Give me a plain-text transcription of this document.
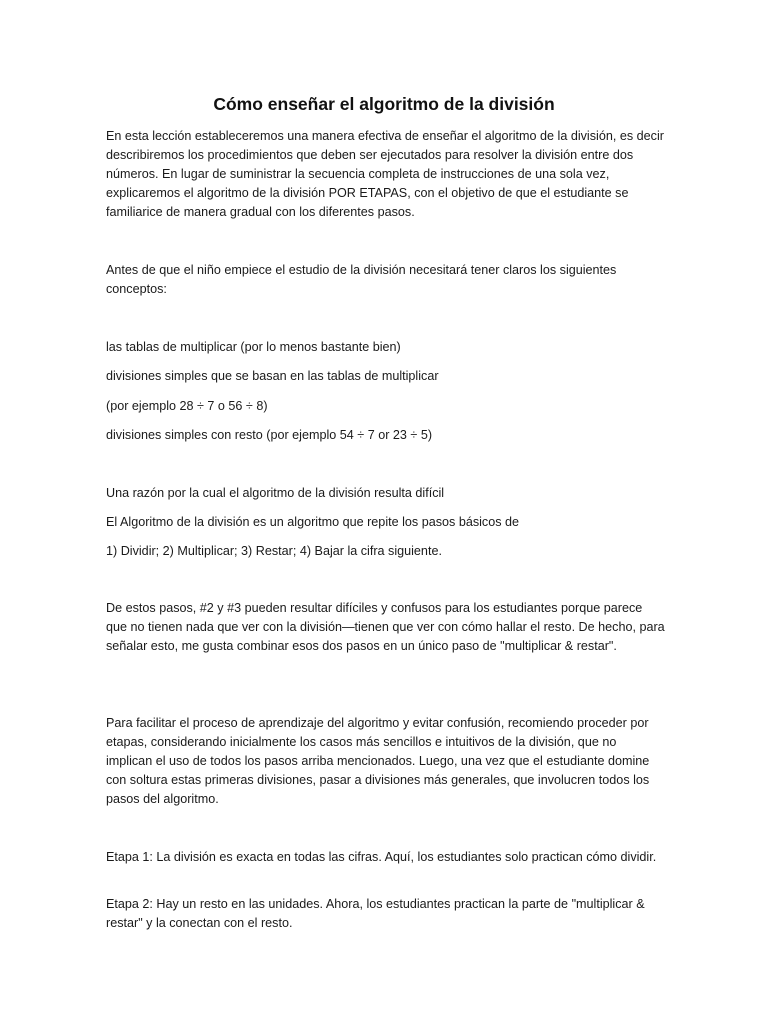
Cómo enseñar el algoritmo de la división

En esta lección estableceremos una manera efectiva de enseñar el algoritmo de la división, es decir describiremos los procedimientos que deben ser ejecutados para resolver la división entre dos números. En lugar de suministrar la secuencia completa de instrucciones de una sola vez, explicaremos el algoritmo de la división POR ETAPAS, con el objetivo de que el estudiante se familiarice de manera gradual con los diferentes pasos.

Antes de que el niño empiece el estudio de la división necesitará tener claros los siguientes conceptos:

las tablas de multiplicar (por lo menos bastante bien)

divisiones simples que se basan en las tablas de multiplicar

(por ejemplo 28 ÷ 7 o 56 ÷ 8)

divisiones simples con resto (por ejemplo 54 ÷ 7 or 23 ÷ 5)

Una razón por la cual el algoritmo de la división resulta difícil

El Algoritmo de la división es un algoritmo que repite los pasos básicos de

1) Dividir; 2) Multiplicar; 3) Restar; 4) Bajar la cifra siguiente.

De estos pasos, #2 y #3 pueden resultar difíciles y confusos para los estudiantes porque parece que no tienen nada que ver con la división—tienen que ver con cómo hallar el resto. De hecho, para señalar esto, me gusta combinar esos dos pasos en un único paso de "multiplicar & restar".

Para facilitar el proceso de aprendizaje del algoritmo y evitar confusión, recomiendo proceder por etapas, considerando inicialmente los casos más sencillos e intuitivos de la división, que no implican el uso de todos los pasos arriba mencionados. Luego, una vez que el estudiante domine con soltura estas primeras divisiones, pasar a divisiones más generales, que involucren todos los pasos del algoritmo.

Etapa 1: La división es exacta en todas las cifras. Aquí, los estudiantes solo practican cómo dividir.

Etapa 2: Hay un resto en las unidades. Ahora, los estudiantes practican la parte de "multiplicar & restar" y la conectan con el resto.
